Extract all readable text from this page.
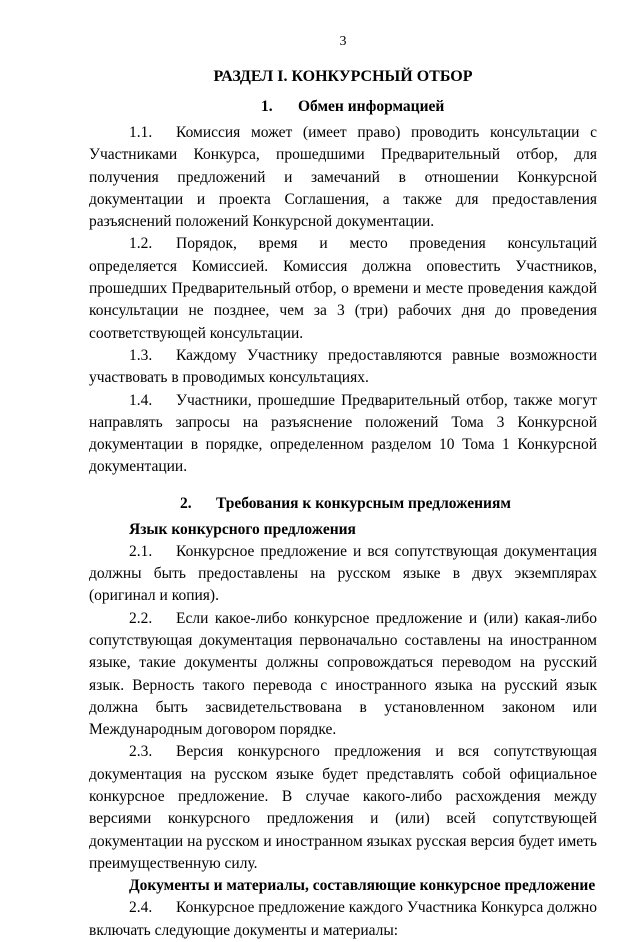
3
РАЗДЕЛ I. КОНКУРСНЫЙ ОТБОР
1. Обмен информацией
1.1. Комиссия может (имеет право) проводить консультации с Участниками Конкурса, прошедшими Предварительный отбор, для получения предложений и замечаний в отношении Конкурсной документации и проекта Соглашения, а также для предоставления разъяснений положений Конкурсной документации.
1.2. Порядок, время и место проведения консультаций определяется Комиссией. Комиссия должна оповестить Участников, прошедших Предварительный отбор, о времени и месте проведения каждой консультации не позднее, чем за 3 (три) рабочих дня до проведения соответствующей консультации.
1.3. Каждому Участнику предоставляются равные возможности участвовать в проводимых консультациях.
1.4. Участники, прошедшие Предварительный отбор, также могут направлять запросы на разъяснение положений Тома 3 Конкурсной документации в порядке, определенном разделом 10 Тома 1 Конкурсной документации.
2. Требования к конкурсным предложениям
Язык конкурсного предложения
2.1. Конкурсное предложение и вся сопутствующая документация должны быть предоставлены на русском языке в двух экземплярах (оригинал и копия).
2.2. Если какое-либо конкурсное предложение и (или) какая-либо сопутствующая документация первоначально составлены на иностранном языке, такие документы должны сопровождаться переводом на русский язык. Верность такого перевода с иностранного языка на русский язык должна быть засвидетельствована в установленном законом или Международным договором порядке.
2.3. Версия конкурсного предложения и вся сопутствующая документация на русском языке будет представлять собой официальное конкурсное предложение. В случае какого-либо расхождения между версиями конкурсного предложения и (или) всей сопутствующей документации на русском и иностранном языках русская версия будет иметь преимущественную силу.
Документы и материалы, составляющие конкурсное предложение
2.4. Конкурсное предложение каждого Участника Конкурса должно включать следующие документы и материалы:
